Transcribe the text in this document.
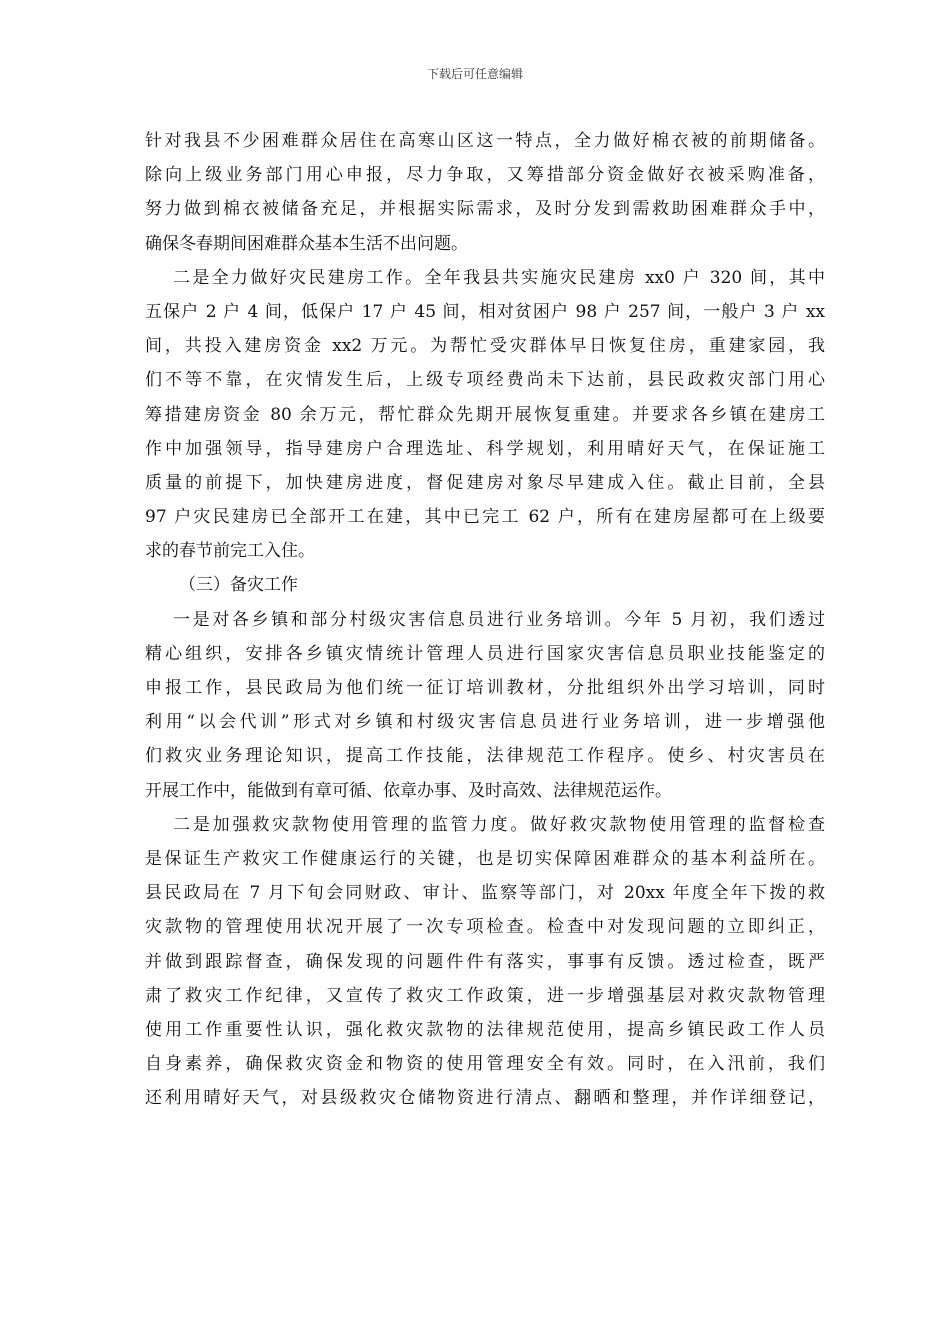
下载后可任意编辑
针对我县不少困难群众居住在高寒山区这一特点，全力做好棉衣被的前期储备。
除向上级业务部门用心申报，尽力争取，又筹措部分资金做好衣被采购准备，
努力做到棉衣被储备充足，并根据实际需求，及时分发到需救助困难群众手中，
确保冬春期间困难群众基本生活不出问题。
二是全力做好灾民建房工作。全年我县共实施灾民建房 xx0 户 320 间，其中
五保户 2 户 4 间，低保户 17 户 45 间，相对贫困户 98 户 257 间，一般户 3 户 xx
间，共投入建房资金 xx2 万元。为帮忙受灾群体早日恢复住房，重建家园，我
们不等不靠，在灾情发生后，上级专项经费尚未下达前，县民政救灾部门用心
筹措建房资金 80 余万元，帮忙群众先期开展恢复重建。并要求各乡镇在建房工
作中加强领导，指导建房户合理选址、科学规划，利用晴好天气，在保证施工
质量的前提下，加快建房进度，督促建房对象尽早建成入住。截止目前，全县
97 户灾民建房已全部开工在建，其中已完工 62 户，所有在建房屋都可在上级要
求的春节前完工入住。
（三）备灾工作
一是对各乡镇和部分村级灾害信息员进行业务培训。今年 5 月初，我们透过
精心组织，安排各乡镇灾情统计管理人员进行国家灾害信息员职业技能鉴定的
申报工作，县民政局为他们统一征订培训教材，分批组织外出学习培训，同时
利用“以会代训”形式对乡镇和村级灾害信息员进行业务培训，进一步增强他
们救灾业务理论知识，提高工作技能，法律规范工作程序。使乡、村灾害员在
开展工作中，能做到有章可循、依章办事、及时高效、法律规范运作。
二是加强救灾款物使用管理的监管力度。做好救灾款物使用管理的监督检查
是保证生产救灾工作健康运行的关键，也是切实保障困难群众的基本利益所在。
县民政局在 7 月下旬会同财政、审计、监察等部门，对 20xx 年度全年下拨的救
灾款物的管理使用状况开展了一次专项检查。检查中对发现问题的立即纠正，
并做到跟踪督查，确保发现的问题件件有落实，事事有反馈。透过检查，既严
肃了救灾工作纪律，又宣传了救灾工作政策，进一步增强基层对救灾款物管理
使用工作重要性认识，强化救灾款物的法律规范使用，提高乡镇民政工作人员
自身素养，确保救灾资金和物资的使用管理安全有效。同时，在入汛前，我们
还利用晴好天气，对县级救灾仓储物资进行清点、翻晒和整理，并作详细登记，
